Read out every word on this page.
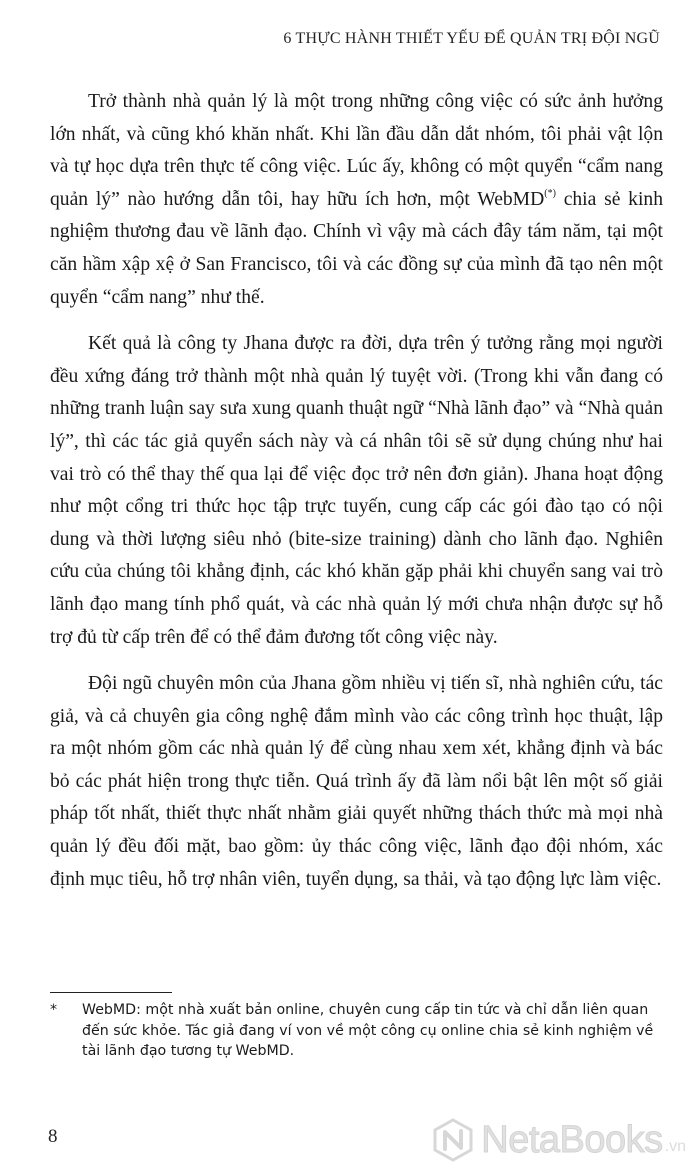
6 THỰC HÀNH THIẾT YẾU ĐỂ QUẢN TRỊ ĐỘI NGŨ

Trở thành nhà quản lý là một trong những công việc có sức ảnh hưởng lớn nhất, và cũng khó khăn nhất. Khi lần đầu dẫn dắt nhóm, tôi phải vật lộn và tự học dựa trên thực tế công việc. Lúc ấy, không có một quyển “cẩm nang quản lý” nào hướng dẫn tôi, hay hữu ích hơn, một WebMD(*) chia sẻ kinh nghiệm thương đau về lãnh đạo. Chính vì vậy mà cách đây tám năm, tại một căn hầm xập xệ ở San Francisco, tôi và các đồng sự của mình đã tạo nên một quyển “cẩm nang” như thế.

Kết quả là công ty Jhana được ra đời, dựa trên ý tưởng rằng mọi người đều xứng đáng trở thành một nhà quản lý tuyệt vời. (Trong khi vẫn đang có những tranh luận say sưa xung quanh thuật ngữ “Nhà lãnh đạo” và “Nhà quản lý”, thì các tác giả quyển sách này và cá nhân tôi sẽ sử dụng chúng như hai vai trò có thể thay thế qua lại để việc đọc trở nên đơn giản). Jhana hoạt động như một cổng tri thức học tập trực tuyến, cung cấp các gói đào tạo có nội dung và thời lượng siêu nhỏ (bite-size training) dành cho lãnh đạo. Nghiên cứu của chúng tôi khẳng định, các khó khăn gặp phải khi chuyển sang vai trò lãnh đạo mang tính phổ quát, và các nhà quản lý mới chưa nhận được sự hỗ trợ đủ từ cấp trên để có thể đảm đương tốt công việc này.

Đội ngũ chuyên môn của Jhana gồm nhiều vị tiến sĩ, nhà nghiên cứu, tác giả, và cả chuyên gia công nghệ đắm mình vào các công trình học thuật, lập ra một nhóm gồm các nhà quản lý để cùng nhau xem xét, khẳng định và bác bỏ các phát hiện trong thực tiễn. Quá trình ấy đã làm nổi bật lên một số giải pháp tốt nhất, thiết thực nhất nhằm giải quyết những thách thức mà mọi nhà quản lý đều đối mặt, bao gồm: ủy thác công việc, lãnh đạo đội nhóm, xác định mục tiêu, hỗ trợ nhân viên, tuyển dụng, sa thải, và tạo động lực làm việc.

*	WebMD: một nhà xuất bản online, chuyên cung cấp tin tức và chỉ dẫn liên quan đến sức khỏe. Tác giả đang ví von về một công cụ online chia sẻ kinh nghiệm về tài lãnh đạo tương tự WebMD.
8	NetaBooks .vn
